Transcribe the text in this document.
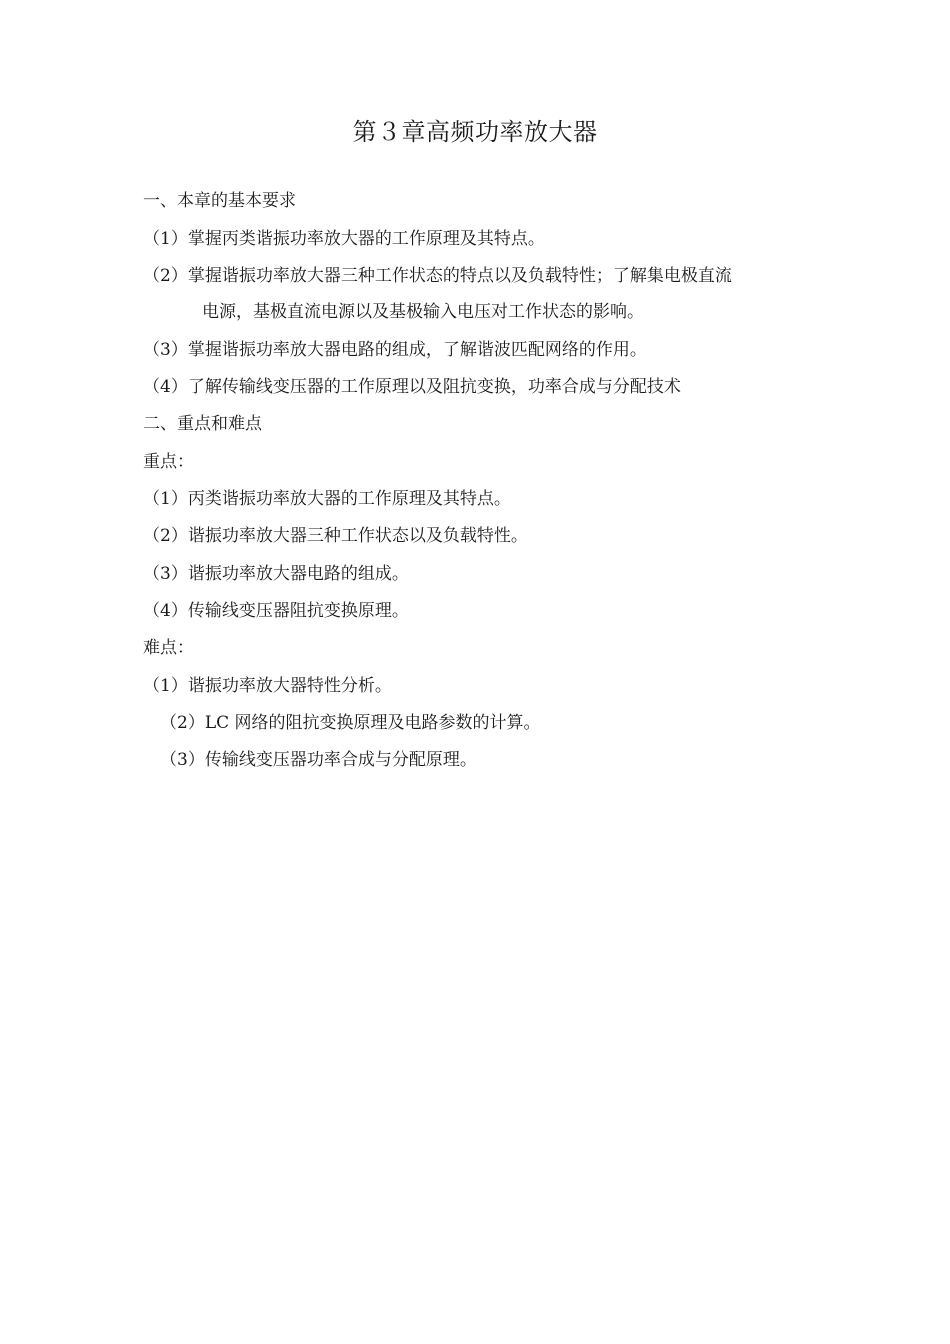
第３章高频功率放大器

一、本章的基本要求

（1）掌握丙类谐振功率放大器的工作原理及其特点。

（2）掌握谐振功率放大器三种工作状态的特点以及负载特性；了解集电极直流

电源，基极直流电源以及基极输入电压对工作状态的影响。

（3）掌握谐振功率放大器电路的组成，了解谐波匹配网络的作用。

（4）了解传输线变压器的工作原理以及阻抗变换，功率合成与分配技术

二、重点和难点

重点：

（1）丙类谐振功率放大器的工作原理及其特点。

（2）谐振功率放大器三种工作状态以及负载特性。

（3）谐振功率放大器电路的组成。

（4）传输线变压器阻抗变换原理。

难点：

（1）谐振功率放大器特性分析。

（2）LC 网络的阻抗变换原理及电路参数的计算。

（3）传输线变压器功率合成与分配原理。
